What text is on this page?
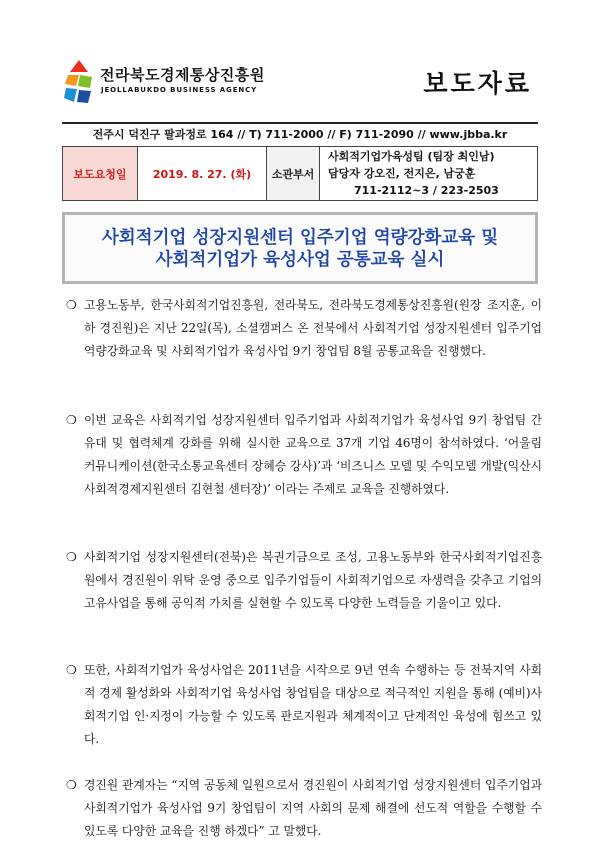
전라북도경제통상진흥원
JEOLLABUKDO BUSINESS AGENCY	보도자료
전주시 덕진구 팔과정로 164 // T) 711-2000 // F) 711-2090 // www.jbba.kr
보도요청일	2019. 8. 27. (화)	소관부서	
사회적기업가육성팀 (팀장 최인남)
담당자 강오진, 전지은, 남궁훈
711-2112~3 / 223-2503
사회적기업 성장지원센터 입주기업 역량강화교육 및
사회적기업가 육성사업 공통교육 실시
❍ 고용노동부, 한국사회적기업진흥원, 전라북도, 전라북도경제통상진흥원(원장 조지훈, 이하 경진원)은 지난 22일(목), 소셜캠퍼스 온 전북에서 사회적기업 성장지원센터 입주기업 역량강화교육 및 사회적기업가 육성사업 9기 창업팀 8월 공통교육을 진행했다.
❍ 이번 교육은 사회적기업 성장지원센터 입주기업과 사회적기업가 육성사업 9기 창업팀 간 유대 및 협력체계 강화를 위해 실시한 교육으로 37개 기업 46명이 참석하였다. ‘어울림 커뮤니케이션(한국소통교육센터 장혜승 강사)’과 ‘비즈니스 모델 및 수익모델 개발(익산시 사회적경제지원센터 김현철 센터장)’ 이라는 주제로 교육을 진행하였다.
❍ 사회적기업 성장지원센터(전북)은 복권기금으로 조성, 고용노동부와 한국사회적기업진흥원에서 경진원이 위탁 운영 중으로 입주기업들이 사회적기업으로 자생력을 갖추고 기업의 고유사업을 통해 공익적 가치를 실현할 수 있도록 다양한 노력들을 기울이고 있다.
❍ 또한, 사회적기업가 육성사업은 2011년을 시작으로 9년 연속 수행하는 등 전북지역 사회적 경제 활성화와 사회적기업 육성사업 창업팀을 대상으로 적극적인 지원을 통해 (예비)사회적기업 인·지정이 가능할 수 있도록 판로지원과 체계적이고 단계적인 육성에 힘쓰고 있다.
❍ 경진원 관계자는 “지역 공동체 일원으로서 경진원이 사회적기업 성장지원센터 입주기업과 사회적기업가 육성사업 9기 창업팀이 지역 사회의 문제 해결에 선도적 역할을 수행할 수 있도록 다양한 교육을 진행 하겠다” 고 말했다.
